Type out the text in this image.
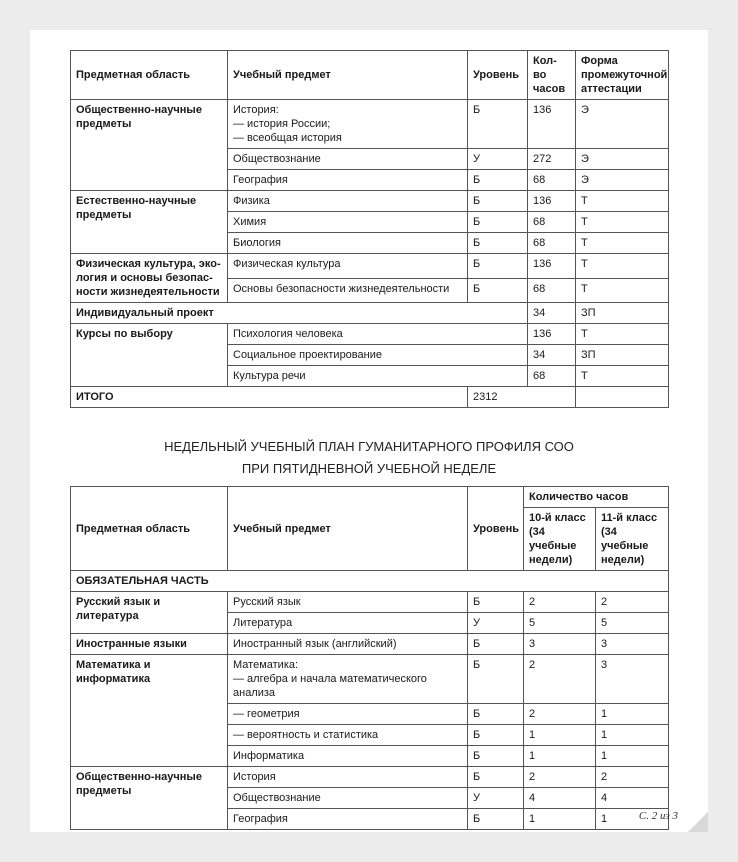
Предметная область	Учебный предмет	Уровень	Кол-во часов	Форма промежуточной аттестации
Общественно-научные предметы	История:
— история России;
— всеобщая история	Б	136	Э
	Обществознание	У	272	Э
	География	Б	68	Э
Естественно-научные предметы	Физика	Б	136	Т
	Химия	Б	68	Т
	Биология	Б	68	Т
Физическая культура, эко-логия и основы безопас-ности жизнедеятельности	Физическая культура	Б	136	Т
	Основы безопасности жизнедеятельности	Б	68	Т
Индивидуальный проект			34	ЗП
Курсы по выбору	Психология человека		136	Т
	Социальное проектирование		34	ЗП
	Культура речи		68	Т
ИТОГО		2312		
НЕДЕЛЬНЫЙ УЧЕБНЫЙ ПЛАН ГУМАНИТАРНОГО ПРОФИЛЯ СОО
ПРИ ПЯТИДНЕВНОЙ УЧЕБНОЙ НЕДЕЛЕ
Предметная область	Учебный предмет	Уровень	Количество часов	
			10-й класс (34 учебные недели)	11-й класс (34 учебные недели)
ОБЯЗАТЕЛЬНАЯ ЧАСТЬ				
Русский язык и литература	Русский язык	Б	2	2
	Литература	У	5	5
Иностранные языки	Иностранный язык (английский)	Б	3	3
Математика и информатика	Математика:
— алгебра и начала математического анализа	Б	2	3
	— геометрия	Б	2	1
	— вероятность и статистика	Б	1	1
	Информатика	Б	1	1
Общественно-научные предметы	История	Б	2	2
	Обществознание	У	4	4
	География	Б	1	1	С. 2 из 3
